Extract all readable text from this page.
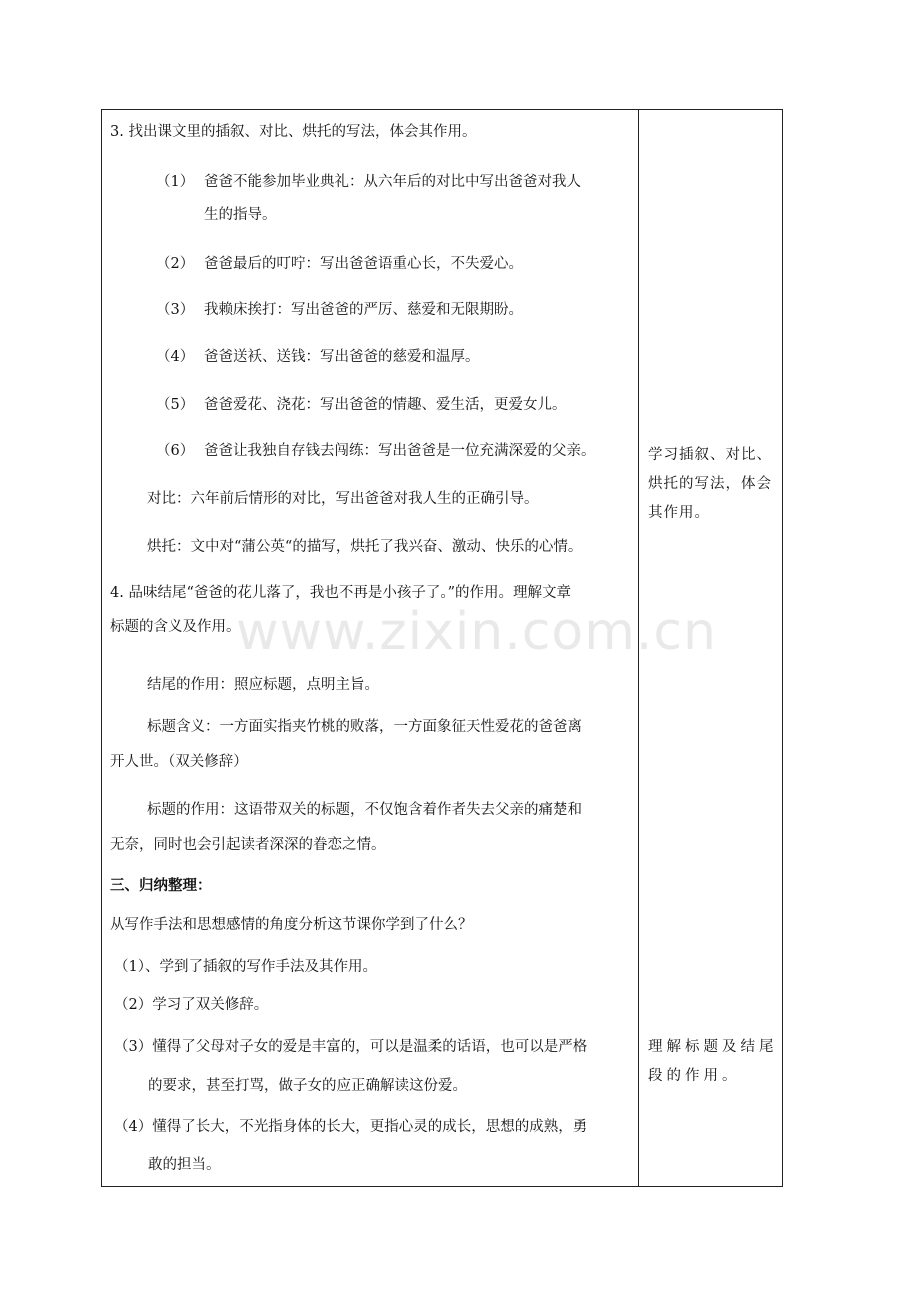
www.zixin.com.cn
3. 找出课文里的插叙、对比、烘托的写法，体会其作用。
（1） 爸爸不能参加毕业典礼：从六年后的对比中写出爸爸对我人
生的指导。
（2） 爸爸最后的叮咛：写出爸爸语重心长，不失爱心。
（3） 我赖床挨打：写出爸爸的严厉、慈爱和无限期盼。
（4） 爸爸送袄、送钱：写出爸爸的慈爱和温厚。
（5） 爸爸爱花、浇花：写出爸爸的情趣、爱生活，更爱女儿。
（6） 爸爸让我独自存钱去闯练：写出爸爸是一位充满深爱的父亲。
对比：六年前后情形的对比，写出爸爸对我人生的正确引导。
烘托：文中对“蒲公英“的描写，烘托了我兴奋、激动、快乐的心情。
4. 品味结尾“爸爸的花儿落了，我也不再是小孩子了。”的作用。理解文章
标题的含义及作用。
结尾的作用：照应标题，点明主旨。
标题含义：一方面实指夹竹桃的败落，一方面象征天性爱花的爸爸离
开人世。（双关修辞）
标题的作用：这语带双关的标题，不仅饱含着作者失去父亲的痛楚和
无奈，同时也会引起读者深深的眷恋之情。
三、归纳整理：
从写作手法和思想感情的角度分析这节课你学到了什么？
（1）、学到了插叙的写作手法及其作用。
（2）学习了双关修辞。
（3）懂得了父母对子女的爱是丰富的，可以是温柔的话语，也可以是严格
的要求，甚至打骂，做子女的应正确解读这份爱。
（4）懂得了长大，不光指身体的长大，更指心灵的成长，思想的成熟，勇
敢的担当。
学习插叙、对比、烘托的写法，体会其作用。
理解标题及结尾段的作用。
